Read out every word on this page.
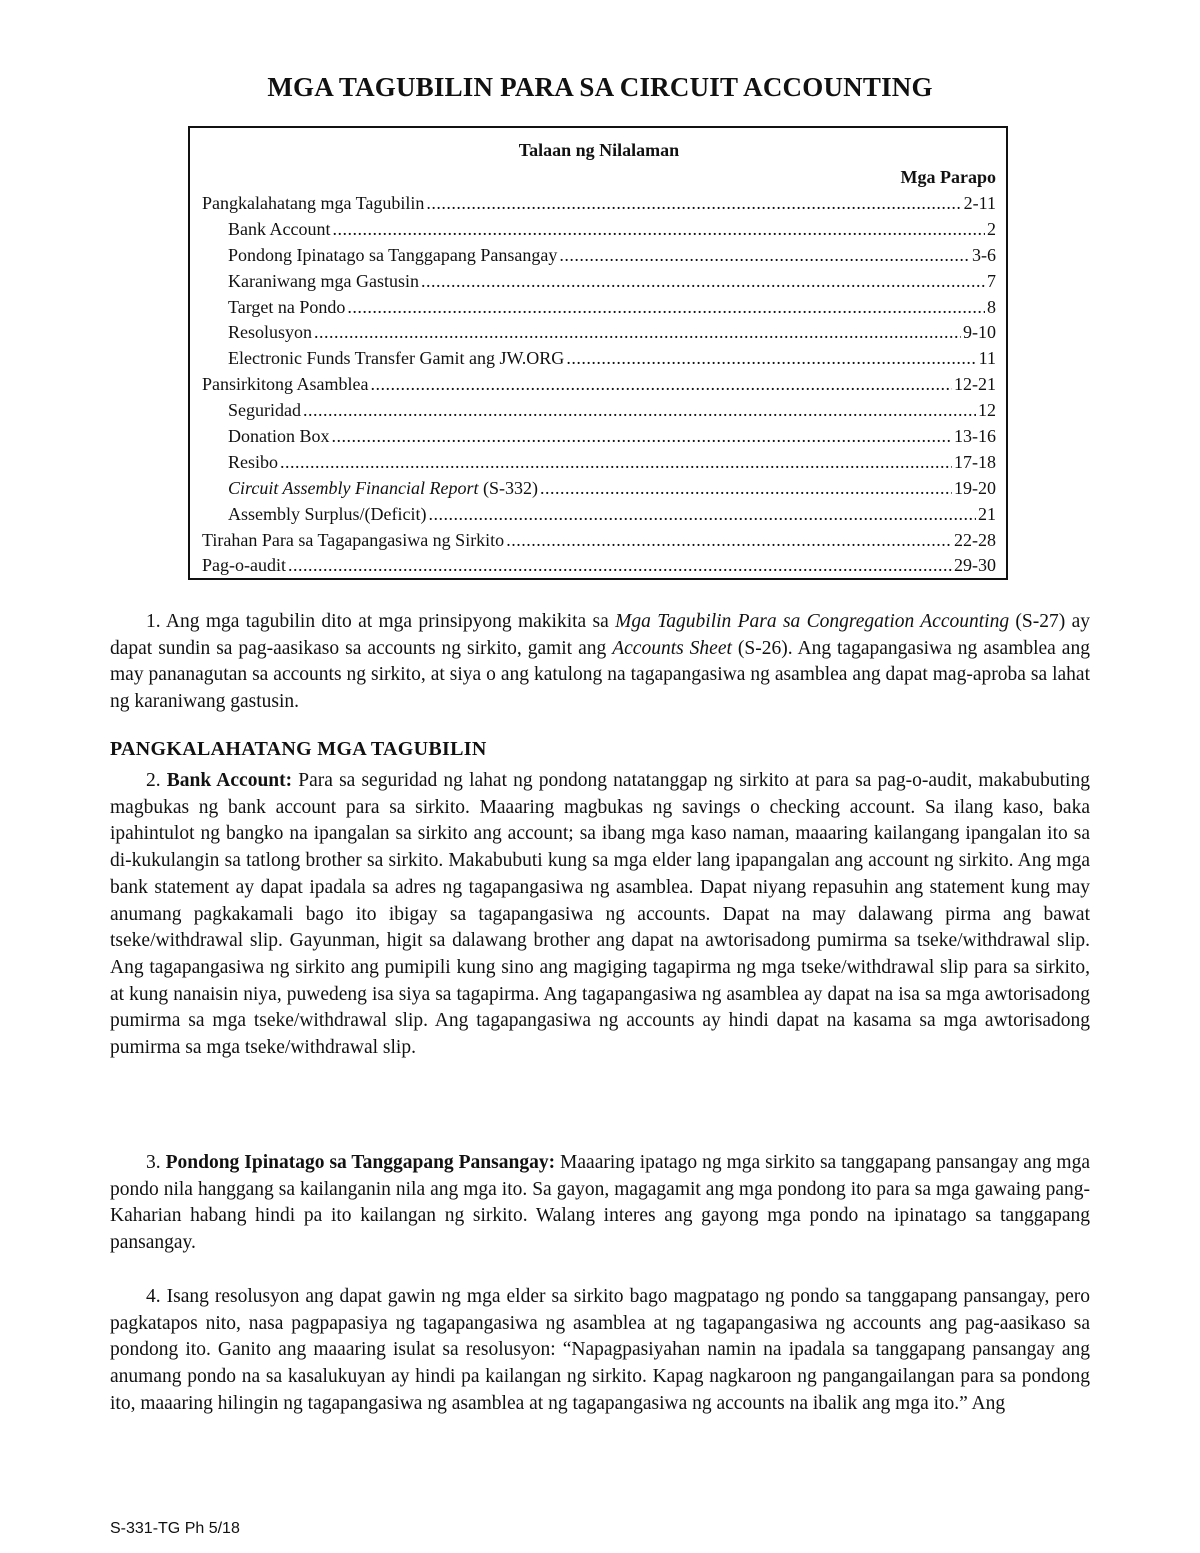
MGA TAGUBILIN PARA SA CIRCUIT ACCOUNTING
Talaan ng Nilalaman
Mga Parapo
Pangkalahatang mga Tagubilin .....	2-11
Bank Account .....	2
Pondong Ipinatago sa Tanggapang Pansangay .....	3-6
Karaniwang mga Gastusin .....	7
Target na Pondo .....	8
Resolusyon .....	9-10
Electronic Funds Transfer Gamit ang JW.ORG .....	11
Pansirkitong Asamblea .....	12-21
Seguridad .....	12
Donation Box .....	13-16
Resibo .....	17-18
Circuit Assembly Financial Report (S-332) .....	19-20
Assembly Surplus/(Deficit) .....	21
Tirahan Para sa Tagapangasiwa ng Sirkito .....	22-28
Pag-o-audit .....	29-30

1. Ang mga tagubilin dito at mga prinsipyong makikita sa Mga Tagubilin Para sa Congregation Accounting (S-27) ay dapat sundin sa pag-aasikaso sa accounts ng sirkito, gamit ang Accounts Sheet (S-26). Ang tagapangasiwa ng asamblea ang may pananagutan sa accounts ng sirkito, at siya o ang katulong na tagapangasiwa ng asamblea ang dapat mag-aproba sa lahat ng karaniwang gastusin.

PANGKALAHATANG MGA TAGUBILIN

2. Bank Account: Para sa seguridad ng lahat ng pondong natatanggap ng sirkito at para sa pag-o-audit, makabubuting magbukas ng bank account para sa sirkito. Maaaring magbukas ng savings o checking account. Sa ilang kaso, baka ipahintulot ng bangko na ipangalan sa sirkito ang account; sa ibang mga kaso naman, maaaring kailangang ipangalan ito sa di-kukulangin sa tatlong brother sa sirkito. Makabubuti kung sa mga elder lang ipapangalan ang account ng sirkito. Ang mga bank statement ay dapat ipadala sa adres ng tagapangasiwa ng asamblea. Dapat niyang repasuhin ang statement kung may anumang pagkakamali bago ito ibigay sa tagapangasiwa ng accounts. Dapat na may dalawang pirma ang bawat tseke/withdrawal slip. Gayunman, higit sa dalawang brother ang dapat na awtorisadong pumirma sa tseke/withdrawal slip. Ang tagapangasiwa ng sirkito ang pumipili kung sino ang magiging tagapirma ng mga tseke/withdrawal slip para sa sirkito, at kung nanaisin niya, puwedeng isa siya sa tagapirma. Ang tagapangasiwa ng asamblea ay dapat na isa sa mga awtorisadong pumirma sa mga tseke/withdrawal slip. Ang tagapangasiwa ng accounts ay hindi dapat na kasama sa mga awtorisadong pumirma sa mga tseke/withdrawal slip.

3. Pondong Ipinatago sa Tanggapang Pansangay: Maaaring ipatago ng mga sirkito sa tanggapang pansangay ang mga pondo nila hanggang sa kailanganin nila ang mga ito. Sa gayon, magagamit ang mga pondong ito para sa mga gawaing pang-Kaharian habang hindi pa ito kailangan ng sirkito. Walang interes ang gayong mga pondo na ipinatago sa tanggapang pansangay.

4. Isang resolusyon ang dapat gawin ng mga elder sa sirkito bago magpatago ng pondo sa tanggapang pansangay, pero pagkatapos nito, nasa pagpapasiya ng tagapangasiwa ng asamblea at ng tagapangasiwa ng accounts ang pag-aasikaso sa pondong ito. Ganito ang maaaring isulat sa resolusyon: “Napagpasiyahan namin na ipadala sa tanggapang pansangay ang anumang pondo na sa kasalukuyan ay hindi pa kailangan ng sirkito. Kapag nagkaroon ng pangangailangan para sa pondong ito, maaaring hilingin ng tagapangasiwa ng asamblea at ng tagapangasiwa ng accounts na ibalik ang mga ito.” Ang

S-331-TG Ph 5/18
